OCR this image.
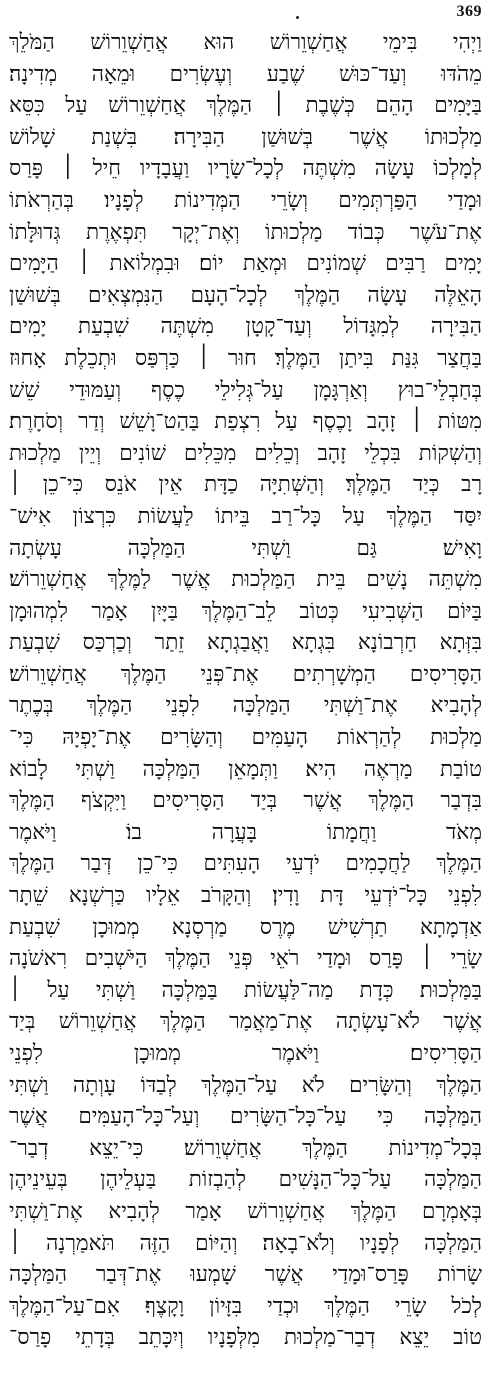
369
וַיְהִי בִּימֵי אֲחַשְׁוֵרוֹשׁ הוּא אֲחַשְׁוֵרוֹשׁ הַמֹּלֵךְ
מֵהֹדּוּ וְעַד־כּוּשׁ שֶׁבַע וְעֶשְׂרִים וּמֵאָה מְדִינָה׃
בַּיָּמִים הָהֵם כְּשֶׁבֶת ׀ הַמֶּלֶךְ אֲחַשְׁוֵרוֹשׁ עַל כִּסֵּא
מַלְכוּתוֹ אֲשֶׁר בְּשׁוּשַׁן הַבִּירָה׃ בִּשְׁנַת שָׁלוֹשׁ
לְמָלְכוֹ עָשָׂה מִשְׁתֶּה לְכָל־שָׂרָיו וַעֲבָדָיו חֵיל ׀ פָּרַס
וּמָדַי הַפַּרְתְּמִים וְשָׂרֵי הַמְּדִינוֹת לְפָנָיו׃ בְּהַרְאֹתוֹ
אֶת־עֹשֶׁר כְּבוֹד מַלְכוּתוֹ וְאֶת־יְקָר תִּפְאֶרֶת גְּדוּלָּתוֹ
יָמִים רַבִּים שְׁמוֹנִים וּמְאַת יוֹם׃ וּבִמְלוֹאת ׀ הַיָּמִים
הָאֵלֶּה עָשָׂה הַמֶּלֶךְ לְכָל־הָעָם הַנִּמְצְאִים בְּשׁוּשַׁן
הַבִּירָה לְמִגָּדוֹל וְעַד־קָטָן מִשְׁתֶּה שִׁבְעַת יָמִים
בַּחֲצַר גִּנַּת בִּיתַן הַמֶּלֶךְ׃ חוּר ׀ כַּרְפַּס וּתְכֵלֶת אָחוּז
בְּחַבְלֵי־בוּץ וְאַרְגָּמָן עַל־גְּלִילֵי כֶסֶף וְעַמּוּדֵי שֵׁשׁ
מִטּוֹת ׀ זָהָב וָכֶסֶף עַל רִצְפַת בַּהַט־וָשֵׁשׁ וְדַר וְסֹחָרֶת׃
וְהַשְׁקוֹת בִּכְלֵי זָהָב וְכֵלִים מִכֵּלִים שׁוֹנִים וְיֵין מַלְכוּת
רָב כְּיַד הַמֶּלֶךְ׃ וְהַשְּׁתִיָּה כַדָּת אֵין אֹנֵס כִּי־כֵן ׀
יִסַּד הַמֶּלֶךְ עַל כָּל־רַב בֵּיתוֹ לַעֲשׂוֹת כִּרְצוֹן אִישׁ־
וָאִישׁ׃ גַּם וַשְׁתִּי הַמַּלְכָּה עָשְׂתָה
מִשְׁתֵּה נָשִׁים בֵּית הַמַּלְכוּת אֲשֶׁר לַמֶּלֶךְ אֲחַשְׁוֵרוֹשׁ׃
בַּיּוֹם הַשְּׁבִיעִי כְּטוֹב לֵב־הַמֶּלֶךְ בַּיָּיִן אָמַר לִמְהוּמָן
בִּזְּתָא חַרְבוֹנָא בִּגְתָא וַאֲבַגְתָא זֵתַר וְכַרְכַּס שִׁבְעַת
הַסָּרִיסִים הַמְשָׁרְתִים אֶת־פְּנֵי הַמֶּלֶךְ אֲחַשְׁוֵרוֹשׁ׃
לְהָבִיא אֶת־וַשְׁתִּי הַמַּלְכָּה לִפְנֵי הַמֶּלֶךְ בְּכֶתֶר
מַלְכוּת לְהַרְאוֹת הָעַמִּים וְהַשָּׂרִים אֶת־יָפְיָהּ כִּי־
טוֹבַת מַרְאֶה הִיא׃ וַתְּמָאֵן הַמַּלְכָּה וַשְׁתִּי לָבוֹא
בִּדְבַר הַמֶּלֶךְ אֲשֶׁר בְּיַד הַסָּרִיסִים וַיִּקְצֹף הַמֶּלֶךְ
מְאֹד וַחֲמָתוֹ בָּעֲרָה בוֹ׃ וַיֹּאמֶר
הַמֶּלֶךְ לַחֲכָמִים יֹדְעֵי הָעִתִּים כִּי־כֵן דְּבַר הַמֶּלֶךְ
לִפְנֵי כָּל־יֹדְעֵי דָּת וָדִין׃ וְהַקָּרֹב אֵלָיו כַּרְשְׁנָא שֵׁתָר
אַדְמָתָא תַרְשִׁישׁ מֶרֶס מַרְסְנָא מְמוּכָן שִׁבְעַת
שָׂרֵי ׀ פָּרַס וּמָדַי רֹאֵי פְּנֵי הַמֶּלֶךְ הַיֹּשְׁבִים רִאשֹׁנָה
בַּמַּלְכוּת׃ כְּדָת מַה־לַּעֲשׂוֹת בַּמַּלְכָּה וַשְׁתִּי עַל ׀
אֲשֶׁר לֹא־עָשְׂתָה אֶת־מַאֲמַר הַמֶּלֶךְ אֲחַשְׁוֵרוֹשׁ בְּיַד
הַסָּרִיסִים׃ וַיֹּאמֶר מְמוּכָן לִפְנֵי
הַמֶּלֶךְ וְהַשָּׂרִים לֹא עַל־הַמֶּלֶךְ לְבַדּוֹ עָוְתָה וַשְׁתִּי
הַמַּלְכָּה כִּי עַל־כָּל־הַשָּׂרִים וְעַל־כָּל־הָעַמִּים אֲשֶׁר
בְּכָל־מְדִינוֹת הַמֶּלֶךְ אֲחַשְׁוֵרוֹשׁ׃ כִּי־יֵצֵא דְבַר־
הַמַּלְכָּה עַל־כָּל־הַנָּשִׁים לְהַבְזוֹת בַּעְלֵיהֶן בְּעֵינֵיהֶן
בְּאָמְרָם הַמֶּלֶךְ אֲחַשְׁוֵרוֹשׁ אָמַר לְהָבִיא אֶת־וַשְׁתִּי
הַמַּלְכָּה לְפָנָיו וְלֹא־בָאָה׃ וְהַיּוֹם הַזֶּה תֹּאמַרְנָה ׀
שָׂרוֹת פָּרַס־וּמָדַי אֲשֶׁר שָׁמְעוּ אֶת־דְּבַר הַמַּלְכָּה
לְכֹל שָׂרֵי הַמֶּלֶךְ וּכְדַי בִּזָּיוֹן וָקָצֶף׃ אִם־עַל־הַמֶּלֶךְ
טוֹב יֵצֵא דְבַר־מַלְכוּת מִלְּפָנָיו וְיִכָּתֵב בְּדָתֵי פָרַס־
